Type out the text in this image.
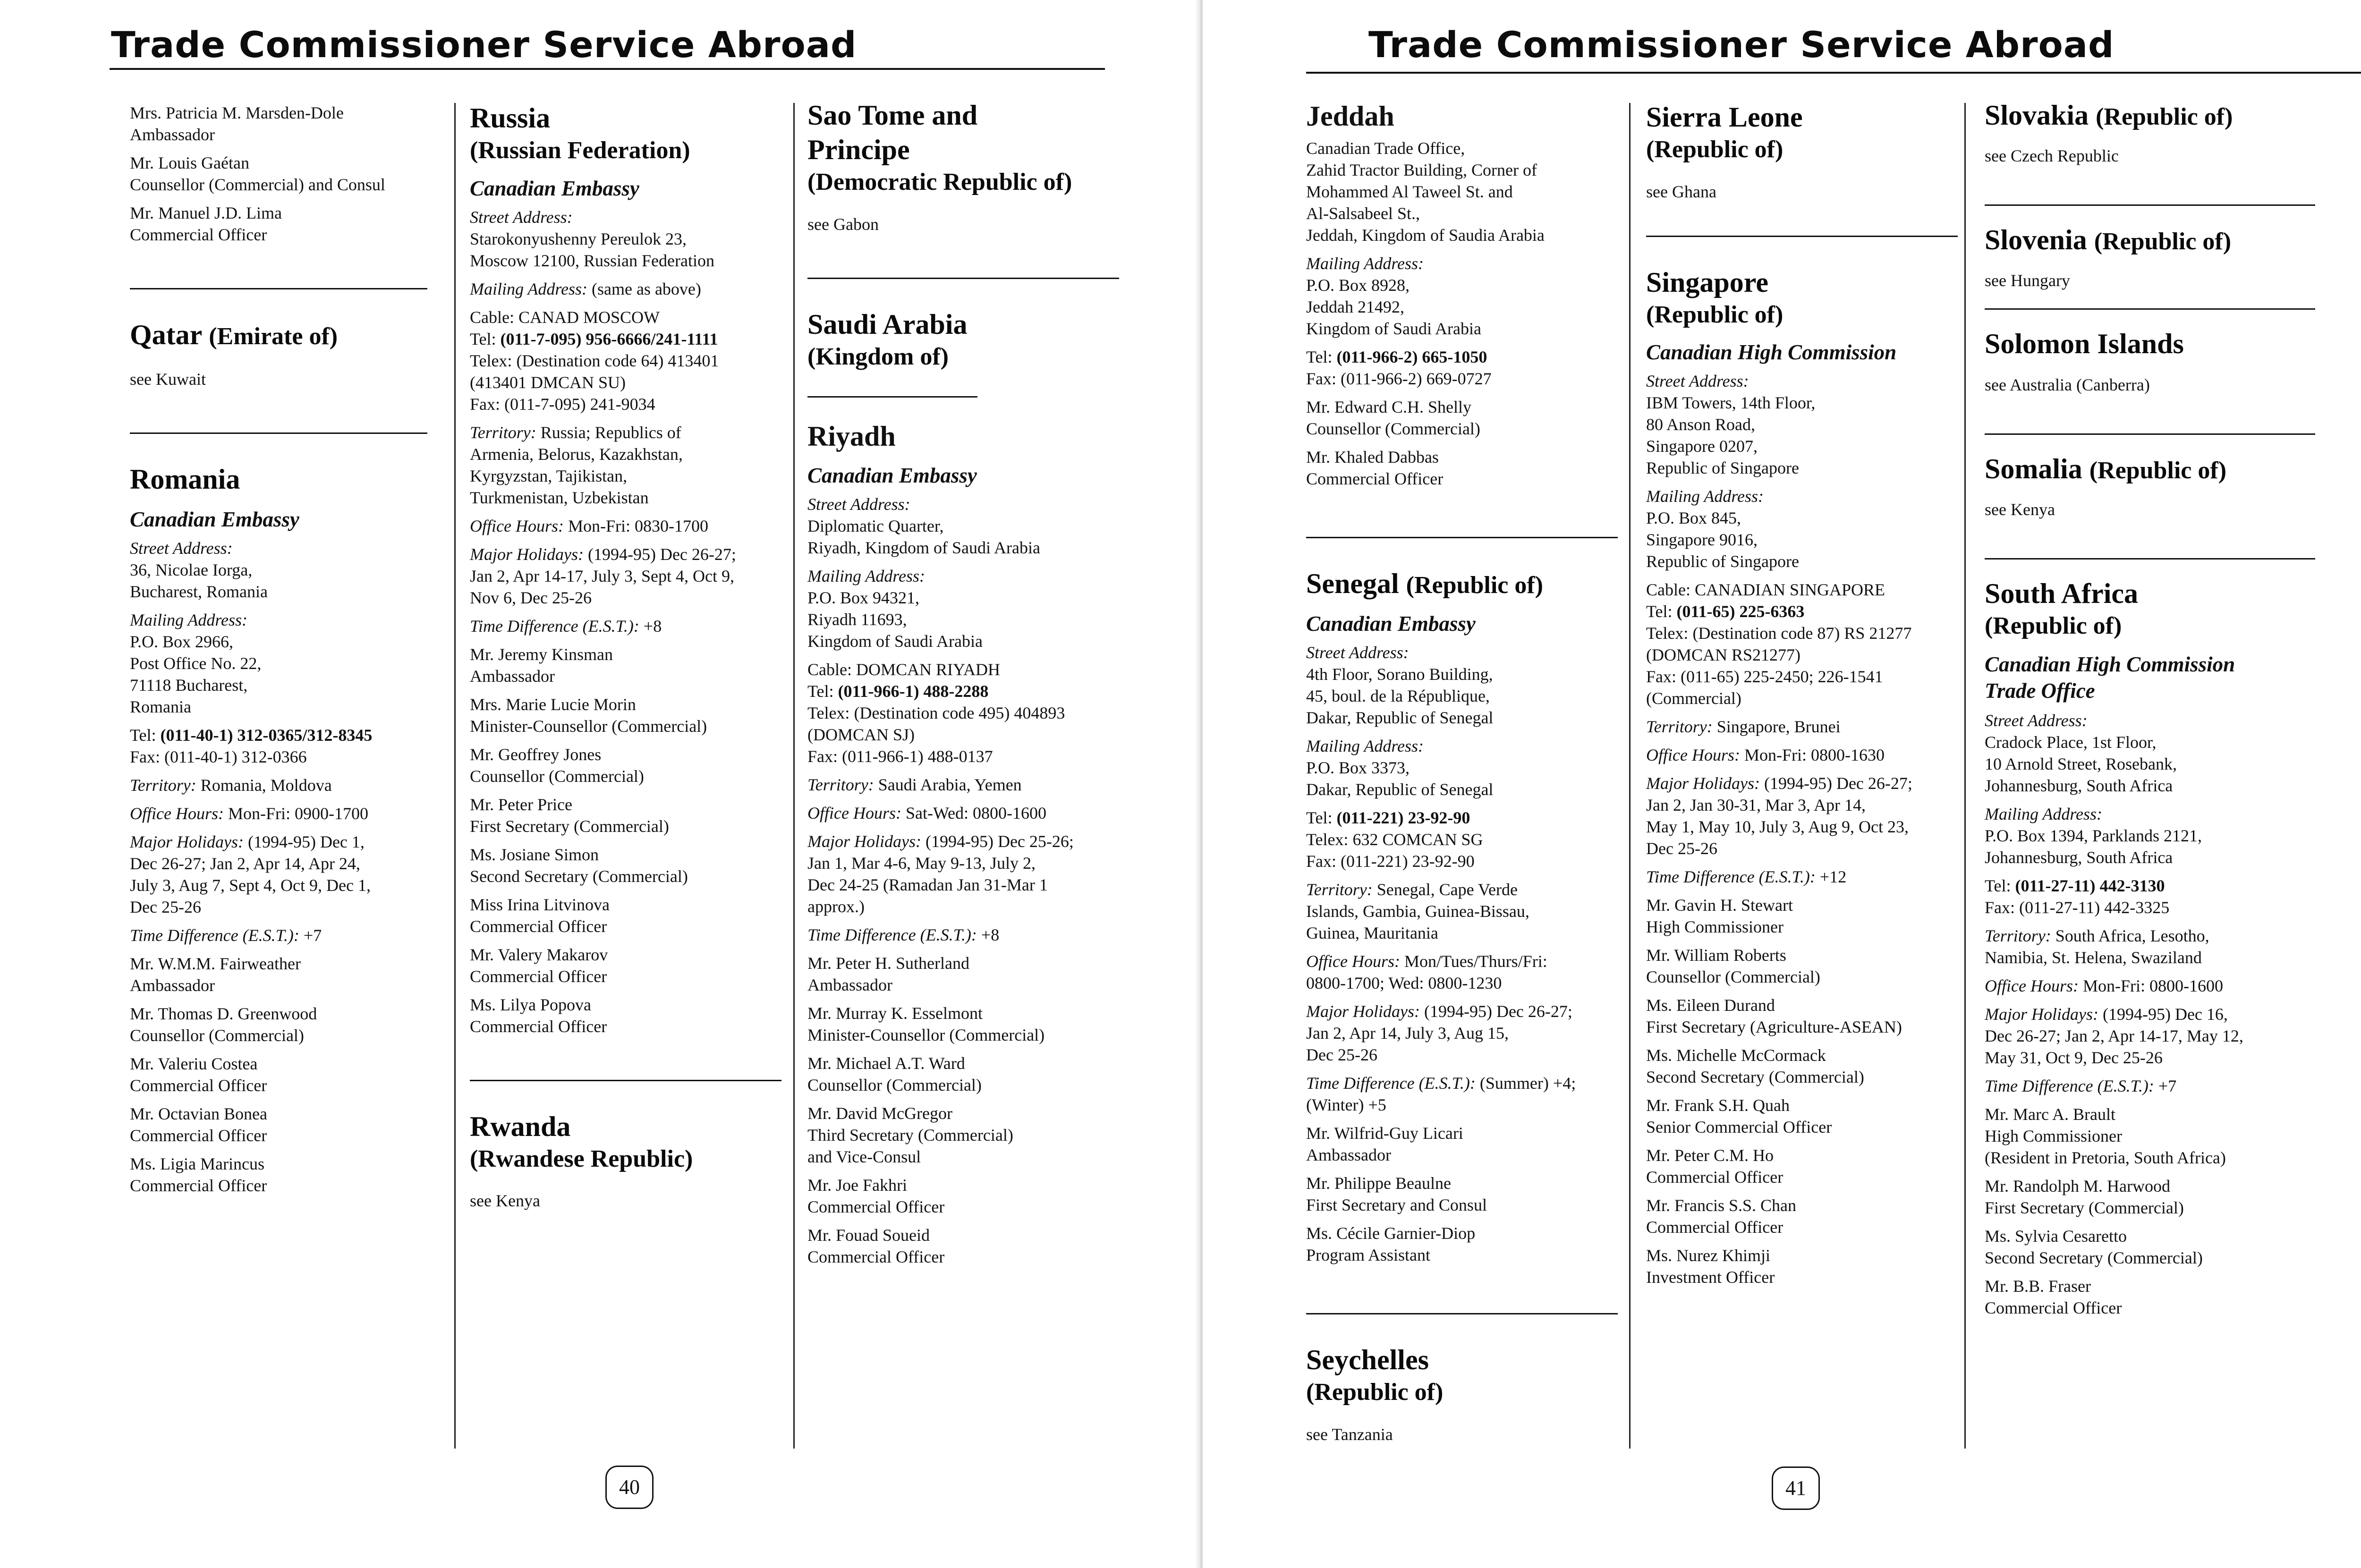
Trade Commissioner Service Abroad
Mrs. Patricia M. Marsden-Dole
Ambassador
Mr. Louis Gaétan
Counsellor (Commercial) and Consul
Mr. Manuel J.D. Lima
Commercial Officer
Qatar (Emirate of)
see Kuwait
Romania
Canadian Embassy
Street Address:
36, Nicolae Iorga,
Bucharest, Romania
Mailing Address:
P.O. Box 2966,
Post Office No. 22,
71118 Bucharest,
Romania
Tel: (011-40-1) 312-0365/312-8345
Fax: (011-40-1) 312-0366
Territory: Romania, Moldova
Office Hours: Mon-Fri: 0900-1700
Major Holidays: (1994-95) Dec 1,
Dec 26-27; Jan 2, Apr 14, Apr 24,
July 3, Aug 7, Sept 4, Oct 9, Dec 1,
Dec 25-26
Time Difference (E.S.T.): +7
Mr. W.M.M. Fairweather
Ambassador
Mr. Thomas D. Greenwood
Counsellor (Commercial)
Mr. Valeriu Costea
Commercial Officer
Mr. Octavian Bonea
Commercial Officer
Ms. Ligia Marincus
Commercial Officer
Russia
(Russian Federation)
Canadian Embassy
Street Address:
Starokonyushenny Pereulok 23,
Moscow 12100, Russian Federation
Mailing Address: (same as above)
Cable: CANAD MOSCOW
Tel: (011-7-095) 956-6666/241-1111
Telex: (Destination code 64) 413401
(413401 DMCAN SU)
Fax: (011-7-095) 241-9034
Territory: Russia; Republics of
Armenia, Belorus, Kazakhstan,
Kyrgyzstan, Tajikistan,
Turkmenistan, Uzbekistan
Office Hours: Mon-Fri: 0830-1700
Major Holidays: (1994-95) Dec 26-27;
Jan 2, Apr 14-17, July 3, Sept 4, Oct 9,
Nov 6, Dec 25-26
Time Difference (E.S.T.): +8
Mr. Jeremy Kinsman
Ambassador
Mrs. Marie Lucie Morin
Minister-Counsellor (Commercial)
Mr. Geoffrey Jones
Counsellor (Commercial)
Mr. Peter Price
First Secretary (Commercial)
Ms. Josiane Simon
Second Secretary (Commercial)
Miss Irina Litvinova
Commercial Officer
Mr. Valery Makarov
Commercial Officer
Ms. Lilya Popova
Commercial Officer
Rwanda
(Rwandese Republic)
see Kenya
Sao Tome and
Principe
(Democratic Republic of)
see Gabon
Saudi Arabia
(Kingdom of)
Riyadh
Canadian Embassy
Street Address:
Diplomatic Quarter,
Riyadh, Kingdom of Saudi Arabia
Mailing Address:
P.O. Box 94321,
Riyadh 11693,
Kingdom of Saudi Arabia
Cable: DOMCAN RIYADH
Tel: (011-966-1) 488-2288
Telex: (Destination code 495) 404893
(DOMCAN SJ)
Fax: (011-966-1) 488-0137
Territory: Saudi Arabia, Yemen
Office Hours: Sat-Wed: 0800-1600
Major Holidays: (1994-95) Dec 25-26;
Jan 1, Mar 4-6, May 9-13, July 2,
Dec 24-25 (Ramadan Jan 31-Mar 1
approx.)
Time Difference (E.S.T.): +8
Mr. Peter H. Sutherland
Ambassador
Mr. Murray K. Esselmont
Minister-Counsellor (Commercial)
Mr. Michael A.T. Ward
Counsellor (Commercial)
Mr. David McGregor
Third Secretary (Commercial)
and Vice-Consul
Mr. Joe Fakhri
Commercial Officer
Mr. Fouad Soueid
Commercial Officer
40
Trade Commissioner Service Abroad
Jeddah
Canadian Trade Office,
Zahid Tractor Building, Corner of
Mohammed Al Taweel St. and
Al-Salsabeel St.,
Jeddah, Kingdom of Saudia Arabia
Mailing Address:
P.O. Box 8928,
Jeddah 21492,
Kingdom of Saudi Arabia
Tel: (011-966-2) 665-1050
Fax: (011-966-2) 669-0727
Mr. Edward C.H. Shelly
Counsellor (Commercial)
Mr. Khaled Dabbas
Commercial Officer
Senegal (Republic of)
Canadian Embassy
Street Address:
4th Floor, Sorano Building,
45, boul. de la République,
Dakar, Republic of Senegal
Mailing Address:
P.O. Box 3373,
Dakar, Republic of Senegal
Tel: (011-221) 23-92-90
Telex: 632 COMCAN SG
Fax: (011-221) 23-92-90
Territory: Senegal, Cape Verde
Islands, Gambia, Guinea-Bissau,
Guinea, Mauritania
Office Hours: Mon/Tues/Thurs/Fri:
0800-1700; Wed: 0800-1230
Major Holidays: (1994-95) Dec 26-27;
Jan 2, Apr 14, July 3, Aug 15,
Dec 25-26
Time Difference (E.S.T.): (Summer) +4;
(Winter) +5
Mr. Wilfrid-Guy Licari
Ambassador
Mr. Philippe Beaulne
First Secretary and Consul
Ms. Cécile Garnier-Diop
Program Assistant
Seychelles
(Republic of)
see Tanzania
Sierra Leone
(Republic of)
see Ghana
Singapore
(Republic of)
Canadian High Commission
Street Address:
IBM Towers, 14th Floor,
80 Anson Road,
Singapore 0207,
Republic of Singapore
Mailing Address:
P.O. Box 845,
Singapore 9016,
Republic of Singapore
Cable: CANADIAN SINGAPORE
Tel: (011-65) 225-6363
Telex: (Destination code 87) RS 21277
(DOMCAN RS21277)
Fax: (011-65) 225-2450; 226-1541
(Commercial)
Territory: Singapore, Brunei
Office Hours: Mon-Fri: 0800-1630
Major Holidays: (1994-95) Dec 26-27;
Jan 2, Jan 30-31, Mar 3, Apr 14,
May 1, May 10, July 3, Aug 9, Oct 23,
Dec 25-26
Time Difference (E.S.T.): +12
Mr. Gavin H. Stewart
High Commissioner
Mr. William Roberts
Counsellor (Commercial)
Ms. Eileen Durand
First Secretary (Agriculture-ASEAN)
Ms. Michelle McCormack
Second Secretary (Commercial)
Mr. Frank S.H. Quah
Senior Commercial Officer
Mr. Peter C.M. Ho
Commercial Officer
Mr. Francis S.S. Chan
Commercial Officer
Ms. Nurez Khimji
Investment Officer
Slovakia (Republic of)
see Czech Republic
Slovenia (Republic of)
see Hungary
Solomon Islands
see Australia (Canberra)
Somalia (Republic of)
see Kenya
South Africa
(Republic of)
Canadian High Commission
Trade Office
Street Address:
Cradock Place, 1st Floor,
10 Arnold Street, Rosebank,
Johannesburg, South Africa
Mailing Address:
P.O. Box 1394, Parklands 2121,
Johannesburg, South Africa
Tel: (011-27-11) 442-3130
Fax: (011-27-11) 442-3325
Territory: South Africa, Lesotho,
Namibia, St. Helena, Swaziland
Office Hours: Mon-Fri: 0800-1600
Major Holidays: (1994-95) Dec 16,
Dec 26-27; Jan 2, Apr 14-17, May 12,
May 31, Oct 9, Dec 25-26
Time Difference (E.S.T.): +7
Mr. Marc A. Brault
High Commissioner
(Resident in Pretoria, South Africa)
Mr. Randolph M. Harwood
First Secretary (Commercial)
Ms. Sylvia Cesaretto
Second Secretary (Commercial)
Mr. B.B. Fraser
Commercial Officer
41
